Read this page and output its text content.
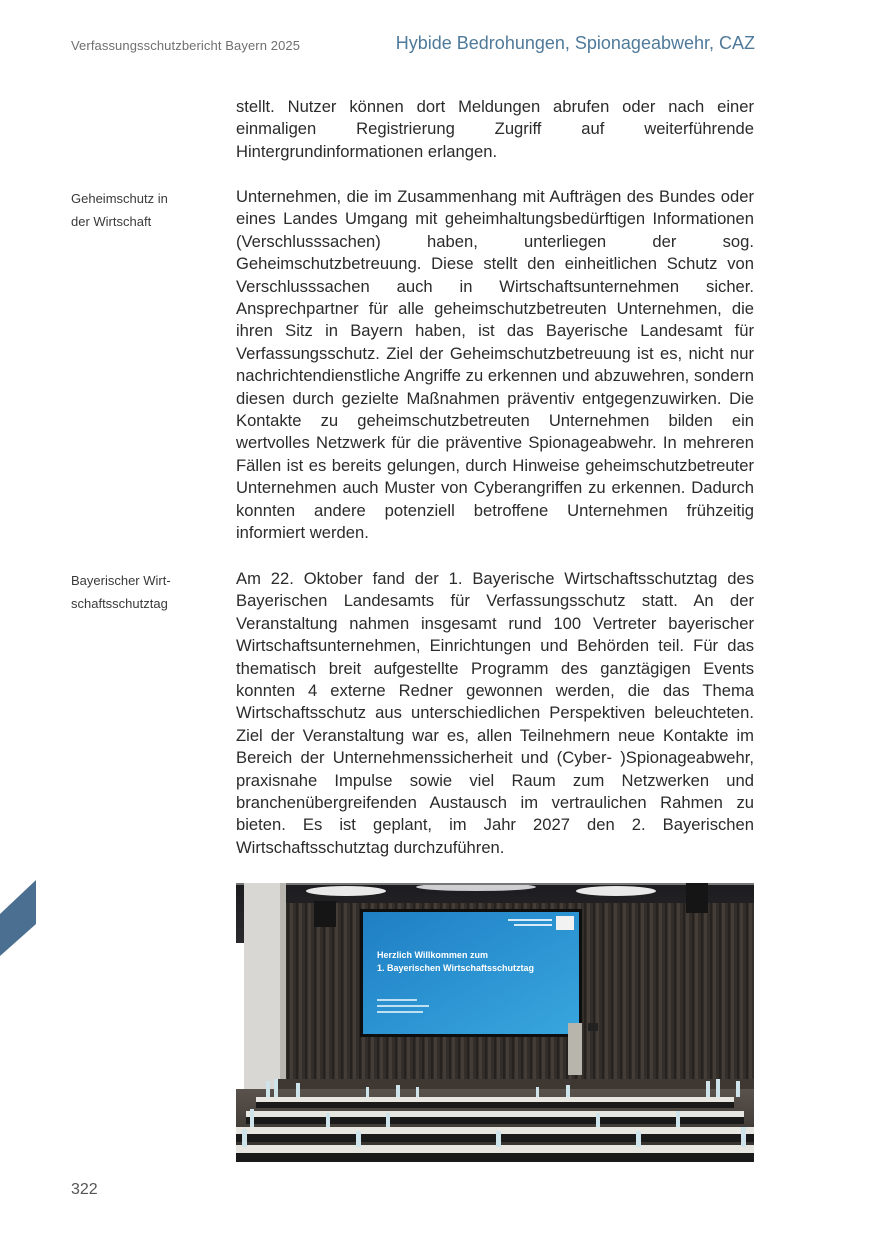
Verfassungsschutzbericht Bayern 2025	Hybide Bedrohungen, Spionageabwehr, CAZ

stellt. Nutzer können dort Meldungen abrufen oder nach einer einmaligen Registrierung Zugriff auf weiterführende Hintergrundinformationen erlangen.

Geheimschutz in
der Wirtschaft

Unternehmen, die im Zusammenhang mit Aufträgen des Bundes oder eines Landes Umgang mit geheimhaltungsbedürftigen Informationen (Verschlusssachen) haben, unterliegen der sog. Geheimschutzbetreuung. Diese stellt den einheitlichen Schutz von Verschlusssachen auch in Wirtschaftsunternehmen sicher. Ansprechpartner für alle geheimschutzbetreuten Unternehmen, die ihren Sitz in Bayern haben, ist das Bayerische Landesamt für Verfassungsschutz. Ziel der Geheimschutzbetreuung ist es, nicht nur nachrichtendienstliche Angriffe zu erkennen und abzuwehren, sondern diesen durch gezielte Maßnahmen präventiv entgegenzuwirken. Die Kontakte zu geheimschutzbetreuten Unternehmen bilden ein wertvolles Netzwerk für die präventive Spionageabwehr. In mehreren Fällen ist es bereits gelungen, durch Hinweise geheimschutzbetreuter Unternehmen auch Muster von Cyberangriffen zu erkennen. Dadurch konnten andere potenziell betroffene Unternehmen frühzeitig informiert werden.

Bayerischer Wirt-
schaftsschutztag

Am 22. Oktober fand der 1. Bayerische Wirtschaftsschutztag des Bayerischen Landesamts für Verfassungsschutz statt. An der Veranstaltung nahmen insgesamt rund 100 Vertreter bayerischer Wirtschaftsunternehmen, Einrichtungen und Behörden teil. Für das thematisch breit aufgestellte Programm des ganztägigen Events konnten 4 externe Redner gewonnen werden, die das Thema Wirtschaftsschutz aus unterschiedlichen Perspektiven beleuchteten. Ziel der Veranstaltung war es, allen Teilnehmern neue Kontakte im Bereich der Unternehmenssicherheit und (Cyber- )Spionageabwehr, praxisnahe Impulse sowie viel Raum zum Netzwerken und branchenübergreifenden Austausch im vertraulichen Rahmen zu bieten. Es ist geplant, im Jahr 2027 den 2. Bayerischen Wirtschaftsschutztag durchzuführen.

Herzlich Willkommen zum
1. Bayerischen Wirtschaftsschutztag
322
